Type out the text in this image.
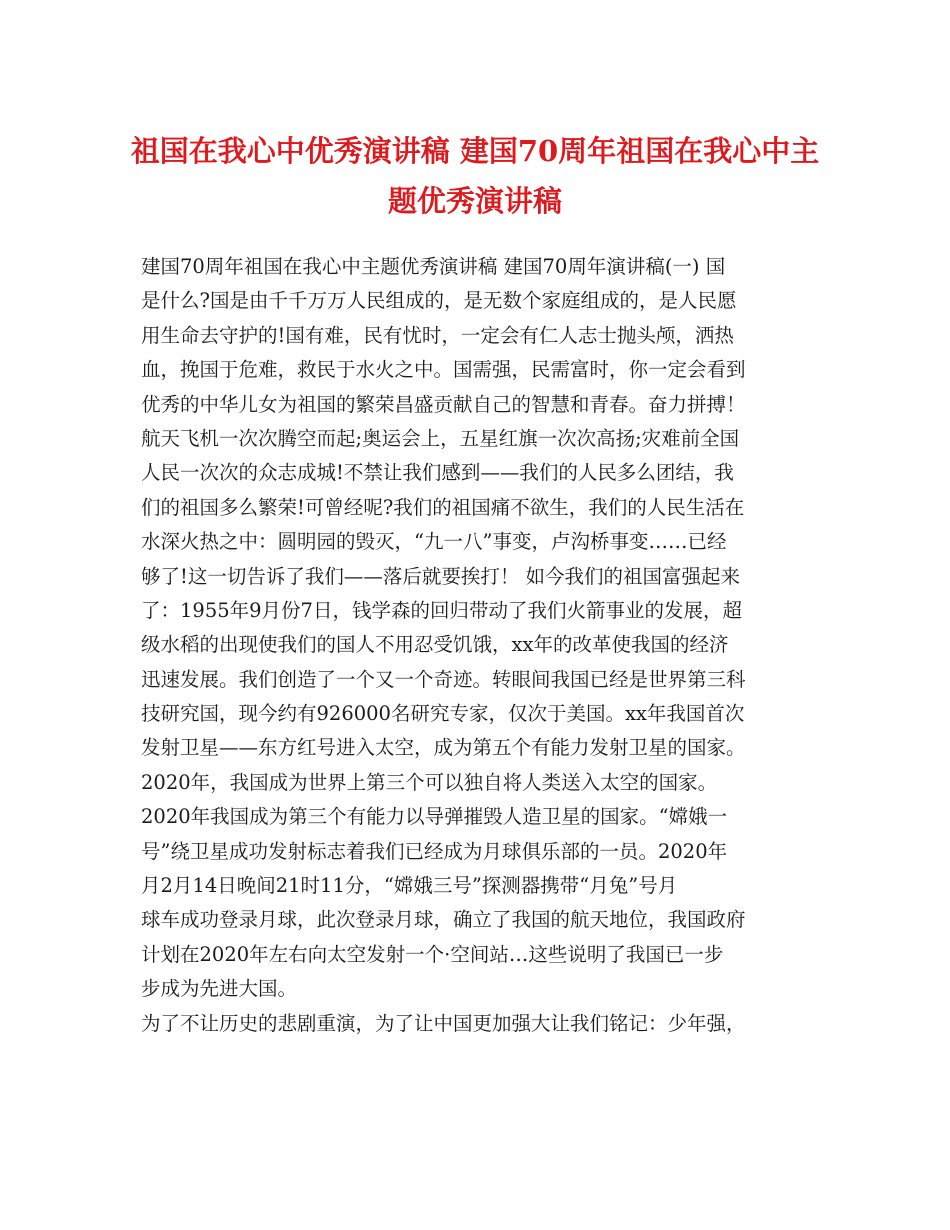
祖国在我心中优秀演讲稿 建国70周年祖国在我心中主
题优秀演讲稿
建国70周年祖国在我心中主题优秀演讲稿 建国70周年演讲稿(一) 国
是什么?国是由千千万万人民组成的，是无数个家庭组成的，是人民愿
用生命去守护的!国有难，民有忧时，一定会有仁人志士抛头颅，洒热
血，挽国于危难，救民于水火之中。国需强，民需富时，你一定会看到
优秀的中华儿女为祖国的繁荣昌盛贡献自己的智慧和青春。奋力拼搏！
航天飞机一次次腾空而起;奥运会上，五星红旗一次次高扬;灾难前全国
人民一次次的众志成城!不禁让我们感到——我们的人民多么团结，我
们的祖国多么繁荣!可曾经呢?我们的祖国痛不欲生，我们的人民生活在
水深火热之中：圆明园的毁灭，“九一八”事变，卢沟桥事变……已经
够了!这一切告诉了我们——落后就要挨打！ 如今我们的祖国富强起来
了：1955年9月份7日，钱学森的回归带动了我们火箭事业的发展，超
级水稻的出现使我们的国人不用忍受饥饿，xx年的改革使我国的经济
迅速发展。我们创造了一个又一个奇迹。转眼间我国已经是世界第三科
技研究国，现今约有926000名研究专家，仅次于美国。xx年我国首次
发射卫星——东方红号进入太空，成为第五个有能力发射卫星的国家。
2020年，我国成为世界上第三个可以独自将人类送入太空的国家。
2020年我国成为第三个有能力以导弹摧毁人造卫星的国家。“嫦娥一
号”绕卫星成功发射标志着我们已经成为月球俱乐部的一员。2020年
月2月14日晚间21时11分，“嫦娥三号”探测器携带“月兔”号月
球车成功登录月球，此次登录月球，确立了我国的航天地位，我国政府
计划在2020年左右向太空发射一个·空间站…这些说明了我国已一步
步成为先进大国。
为了不让历史的悲剧重演，为了让中国更加强大让我们铭记：少年强，
